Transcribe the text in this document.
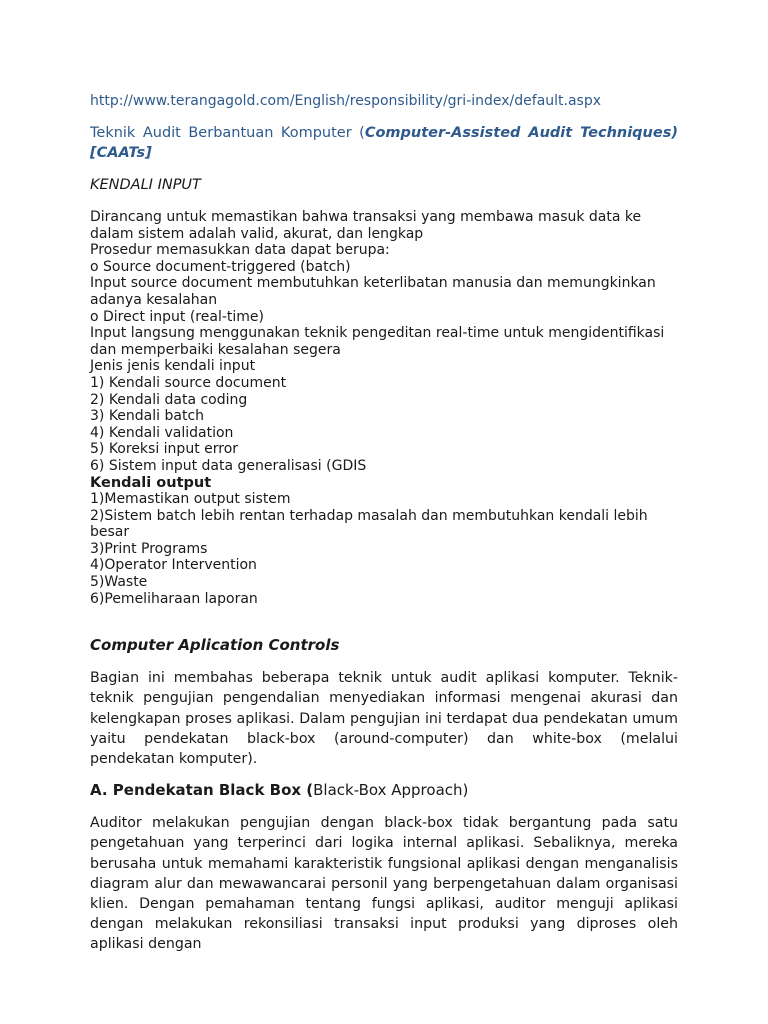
http://www.terangagold.com/English/responsibility/gri-index/default.aspx

Teknik Audit Berbantuan Komputer (Computer-Assisted Audit Techniques) [CAATs]

KENDALI INPUT

Dirancang untuk memastikan bahwa transaksi yang membawa masuk data ke
dalam sistem adalah valid, akurat, dan lengkap
Prosedur memasukkan data dapat berupa:
o Source document-triggered (batch)
Input source document membutuhkan keterlibatan manusia dan memungkinkan
adanya kesalahan
o Direct input (real-time)
Input langsung menggunakan teknik pengeditan real-time untuk mengidentifikasi
dan memperbaiki kesalahan segera
Jenis jenis kendali input
1) Kendali source document
2) Kendali data coding
3) Kendali batch
4) Kendali validation
5) Koreksi input error
6) Sistem input data generalisasi (GDIS
Kendali output
1)Memastikan output sistem
2)Sistem batch lebih rentan terhadap masalah dan membutuhkan kendali lebih besar
3)Print Programs
4)Operator Intervention
5)Waste
6)Pemeliharaan laporan

Computer Aplication Controls

Bagian ini membahas beberapa teknik untuk audit aplikasi komputer. Teknik-teknik pengujian pengendalian menyediakan informasi mengenai akurasi dan kelengkapan proses aplikasi. Dalam pengujian ini terdapat dua pendekatan umum yaitu pendekatan black-box (around-computer) dan white-box (melalui pendekatan komputer).

A. Pendekatan Black Box (Black-Box Approach)

Auditor melakukan pengujian dengan black-box tidak bergantung pada satu pengetahuan yang terperinci dari logika internal aplikasi. Sebaliknya, mereka berusaha untuk memahami karakteristik fungsional aplikasi dengan menganalisis diagram alur dan mewawancarai personil yang berpengetahuan dalam organisasi klien. Dengan pemahaman tentang fungsi aplikasi, auditor menguji aplikasi dengan melakukan rekonsiliasi transaksi input produksi yang diproses oleh aplikasi dengan
